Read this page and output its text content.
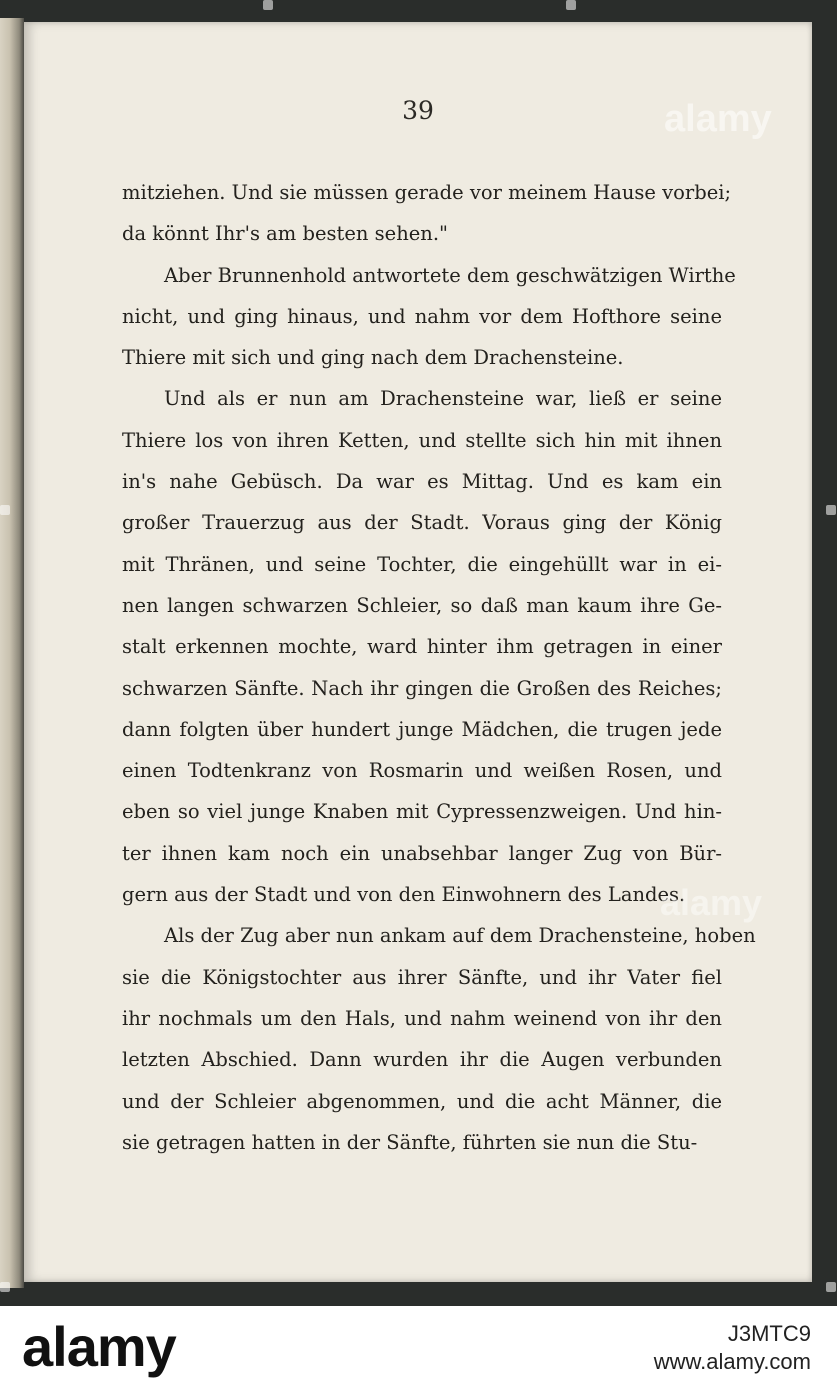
39
mitziehen. Und sie müssen gerade vor meinem Hause vorbei;
da könnt Ihr's am besten sehen."
Aber Brunnenhold antwortete dem geschwätzigen Wirthe
nicht, und ging hinaus, und nahm vor dem Hofthore seine
Thiere mit sich und ging nach dem Drachensteine.
Und als er nun am Drachensteine war, ließ er seine
Thiere los von ihren Ketten, und stellte sich hin mit ihnen
in's nahe Gebüsch. Da war es Mittag. Und es kam ein
großer Trauerzug aus der Stadt. Voraus ging der König
mit Thränen, und seine Tochter, die eingehüllt war in ei-
nen langen schwarzen Schleier, so daß man kaum ihre Ge-
stalt erkennen mochte, ward hinter ihm getragen in einer
schwarzen Sänfte. Nach ihr gingen die Großen des Reiches;
dann folgten über hundert junge Mädchen, die trugen jede
einen Todtenkranz von Rosmarin und weißen Rosen, und
eben so viel junge Knaben mit Cypressenzweigen. Und hin-
ter ihnen kam noch ein unabsehbar langer Zug von Bür-
gern aus der Stadt und von den Einwohnern des Landes.
Als der Zug aber nun ankam auf dem Drachensteine, hoben
sie die Königstochter aus ihrer Sänfte, und ihr Vater fiel
ihr nochmals um den Hals, und nahm weinend von ihr den
letzten Abschied. Dann wurden ihr die Augen verbunden
und der Schleier abgenommen, und die acht Männer, die
sie getragen hatten in der Sänfte, führten sie nun die Stu-
alamy
alamy
alamy	J3MTC9
www.alamy.com
